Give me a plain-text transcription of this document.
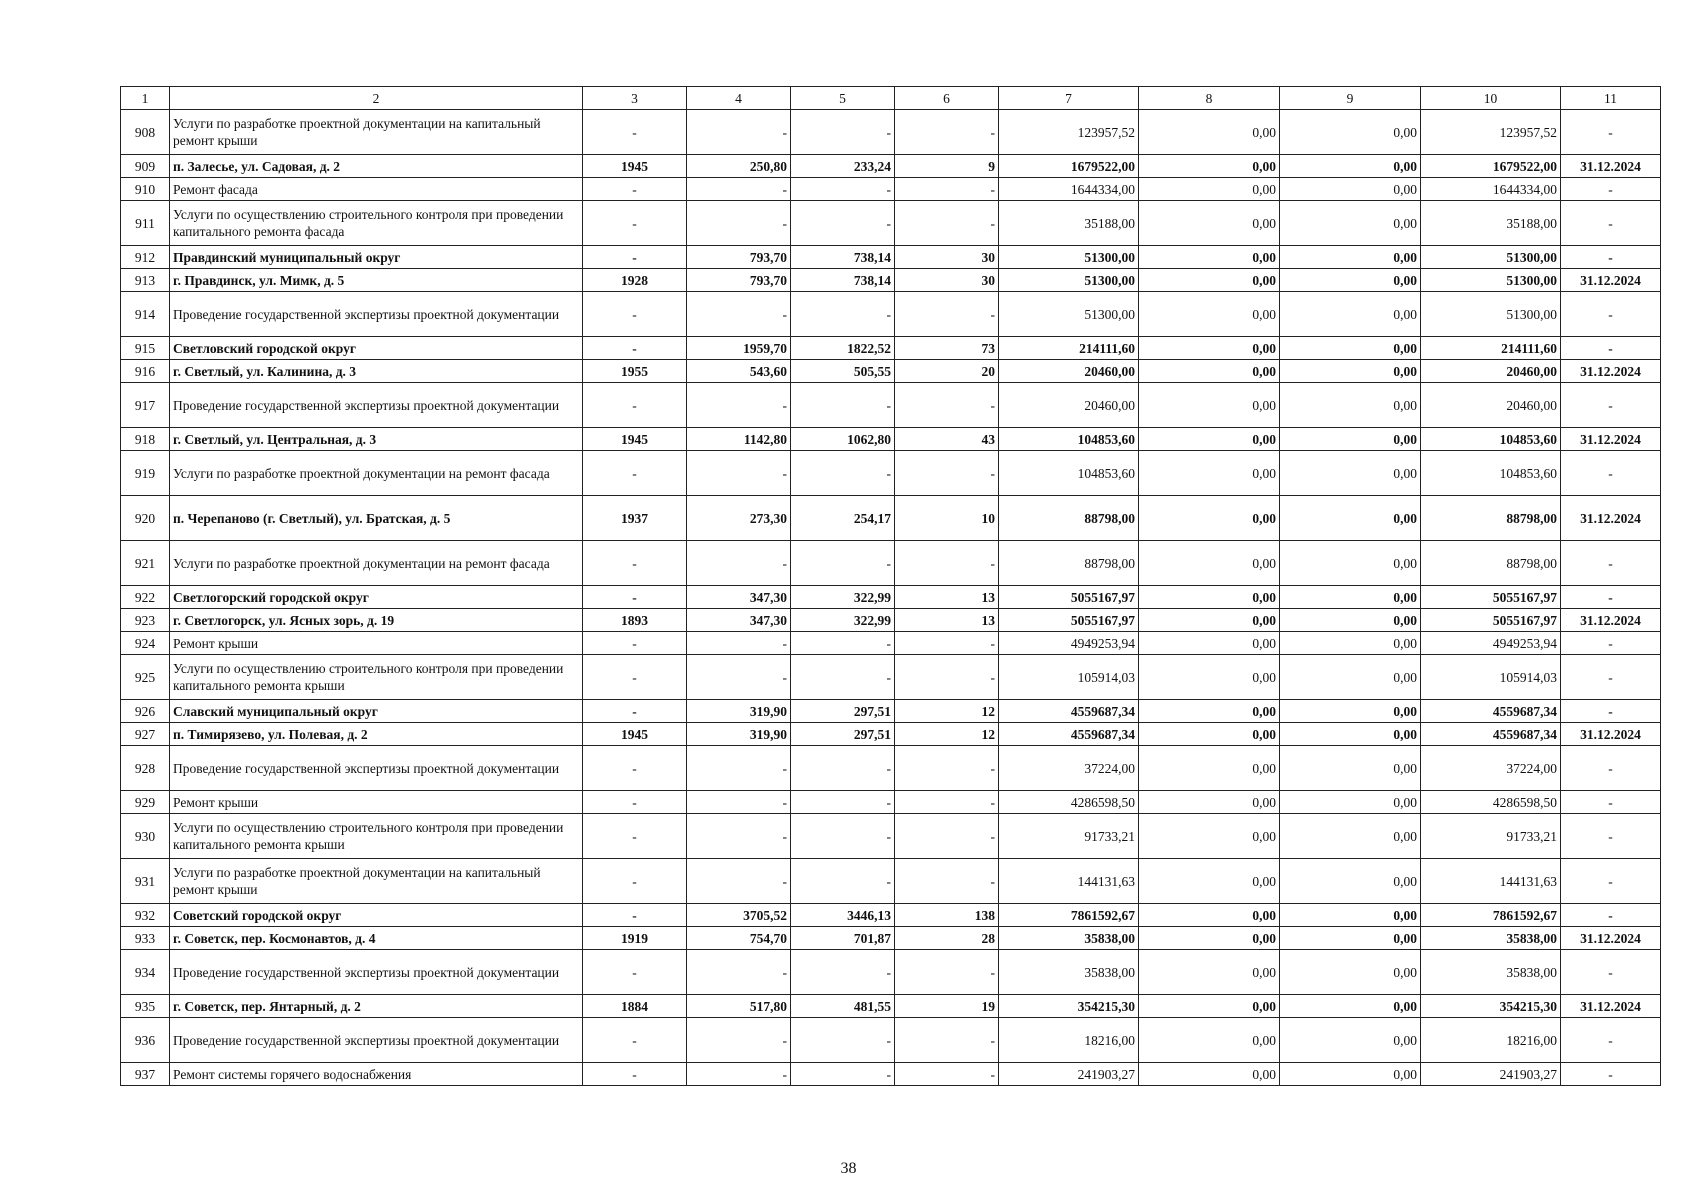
1	2	3	4	5	6	7	8	9	10	11
908	Услуги по разработке проектной документации на капитальный ремонт крыши	-	-	-	-	123957,52	0,00	0,00	123957,52	-
909	п. Залесье, ул. Садовая, д. 2	1945	250,80	233,24	9	1679522,00	0,00	0,00	1679522,00	31.12.2024
910	Ремонт фасада	-	-	-	-	1644334,00	0,00	0,00	1644334,00	-
911	Услуги по осуществлению строительного контроля при проведении капитального ремонта фасада	-	-	-	-	35188,00	0,00	0,00	35188,00	-
912	Правдинский муниципальный округ	-	793,70	738,14	30	51300,00	0,00	0,00	51300,00	-
913	г. Правдинск, ул. Мимк, д. 5	1928	793,70	738,14	30	51300,00	0,00	0,00	51300,00	31.12.2024
914	Проведение государственной экспертизы проектной документации	-	-	-	-	51300,00	0,00	0,00	51300,00	-
915	Светловский городской округ	-	1959,70	1822,52	73	214111,60	0,00	0,00	214111,60	-
916	г. Светлый, ул. Калинина, д. 3	1955	543,60	505,55	20	20460,00	0,00	0,00	20460,00	31.12.2024
917	Проведение государственной экспертизы проектной документации	-	-	-	-	20460,00	0,00	0,00	20460,00	-
918	г. Светлый, ул. Центральная, д. 3	1945	1142,80	1062,80	43	104853,60	0,00	0,00	104853,60	31.12.2024
919	Услуги по разработке проектной документации на ремонт фасада	-	-	-	-	104853,60	0,00	0,00	104853,60	-
920	п. Черепаново (г. Светлый), ул. Братская, д. 5	1937	273,30	254,17	10	88798,00	0,00	0,00	88798,00	31.12.2024
921	Услуги по разработке проектной документации на ремонт фасада	-	-	-	-	88798,00	0,00	0,00	88798,00	-
922	Светлогорский городской округ	-	347,30	322,99	13	5055167,97	0,00	0,00	5055167,97	-
923	г. Светлогорск, ул. Ясных зорь, д. 19	1893	347,30	322,99	13	5055167,97	0,00	0,00	5055167,97	31.12.2024
924	Ремонт крыши	-	-	-	-	4949253,94	0,00	0,00	4949253,94	-
925	Услуги по осуществлению строительного контроля при проведении капитального ремонта крыши	-	-	-	-	105914,03	0,00	0,00	105914,03	-
926	Славский муниципальный округ	-	319,90	297,51	12	4559687,34	0,00	0,00	4559687,34	-
927	п. Тимирязево, ул. Полевая, д. 2	1945	319,90	297,51	12	4559687,34	0,00	0,00	4559687,34	31.12.2024
928	Проведение государственной экспертизы проектной документации	-	-	-	-	37224,00	0,00	0,00	37224,00	-
929	Ремонт крыши	-	-	-	-	4286598,50	0,00	0,00	4286598,50	-
930	Услуги по осуществлению строительного контроля при проведении капитального ремонта крыши	-	-	-	-	91733,21	0,00	0,00	91733,21	-
931	Услуги по разработке проектной документации на капитальный ремонт крыши	-	-	-	-	144131,63	0,00	0,00	144131,63	-
932	Советский городской округ	-	3705,52	3446,13	138	7861592,67	0,00	0,00	7861592,67	-
933	г. Советск, пер. Космонавтов, д. 4	1919	754,70	701,87	28	35838,00	0,00	0,00	35838,00	31.12.2024
934	Проведение государственной экспертизы проектной документации	-	-	-	-	35838,00	0,00	0,00	35838,00	-
935	г. Советск, пер. Янтарный, д. 2	1884	517,80	481,55	19	354215,30	0,00	0,00	354215,30	31.12.2024
936	Проведение государственной экспертизы проектной документации	-	-	-	-	18216,00	0,00	0,00	18216,00	-
937	Ремонт системы горячего водоснабжения	-	-	-	-	241903,27	0,00	0,00	241903,27	-
38
